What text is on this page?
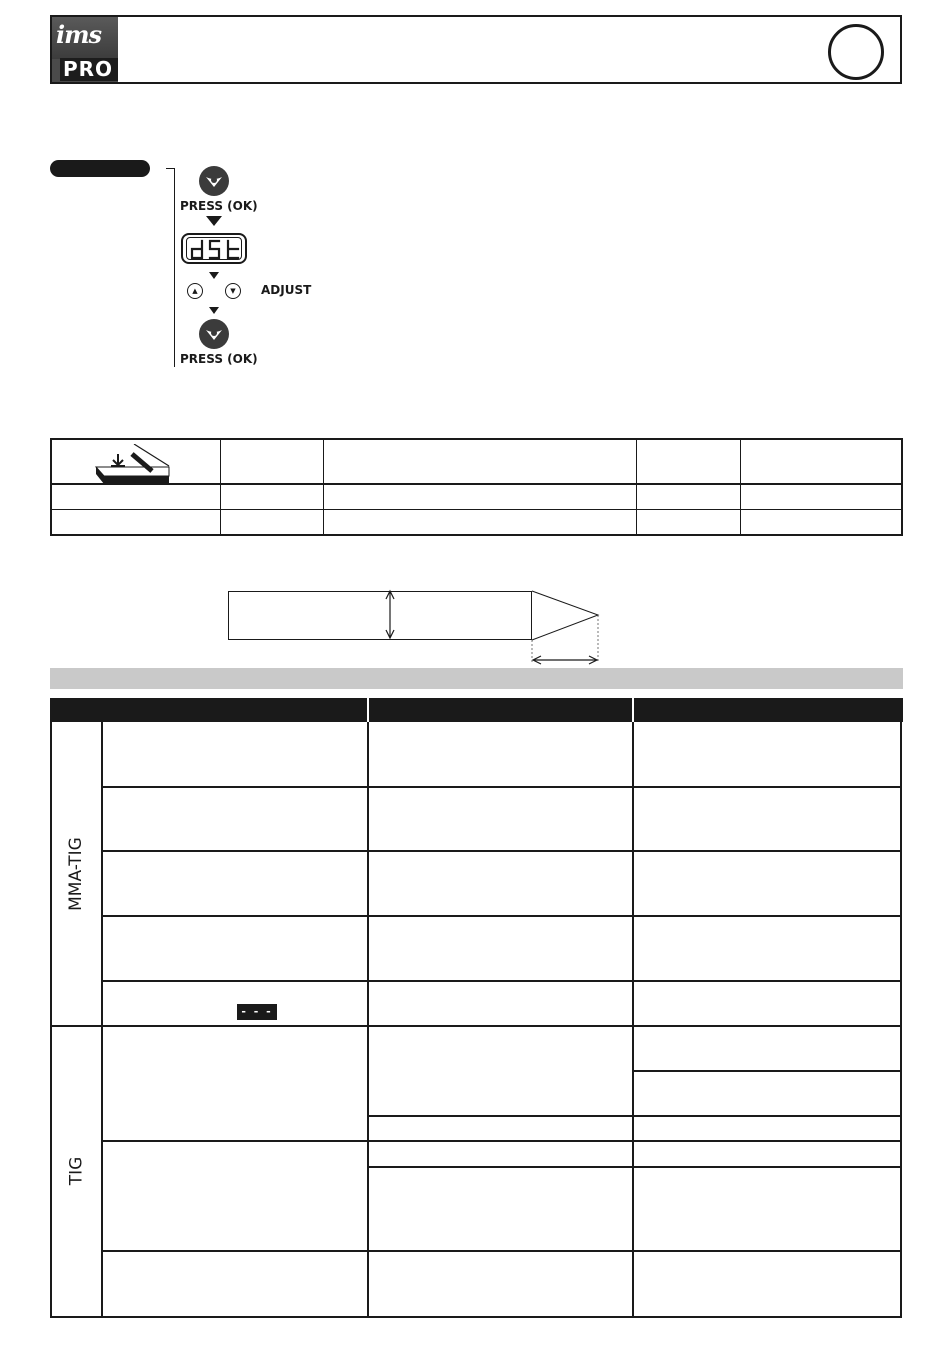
ims
PRO
PRESS (OK)
▲	▼	ADJUST
PRESS (OK)
MMA-TIG
TIG
- - -
